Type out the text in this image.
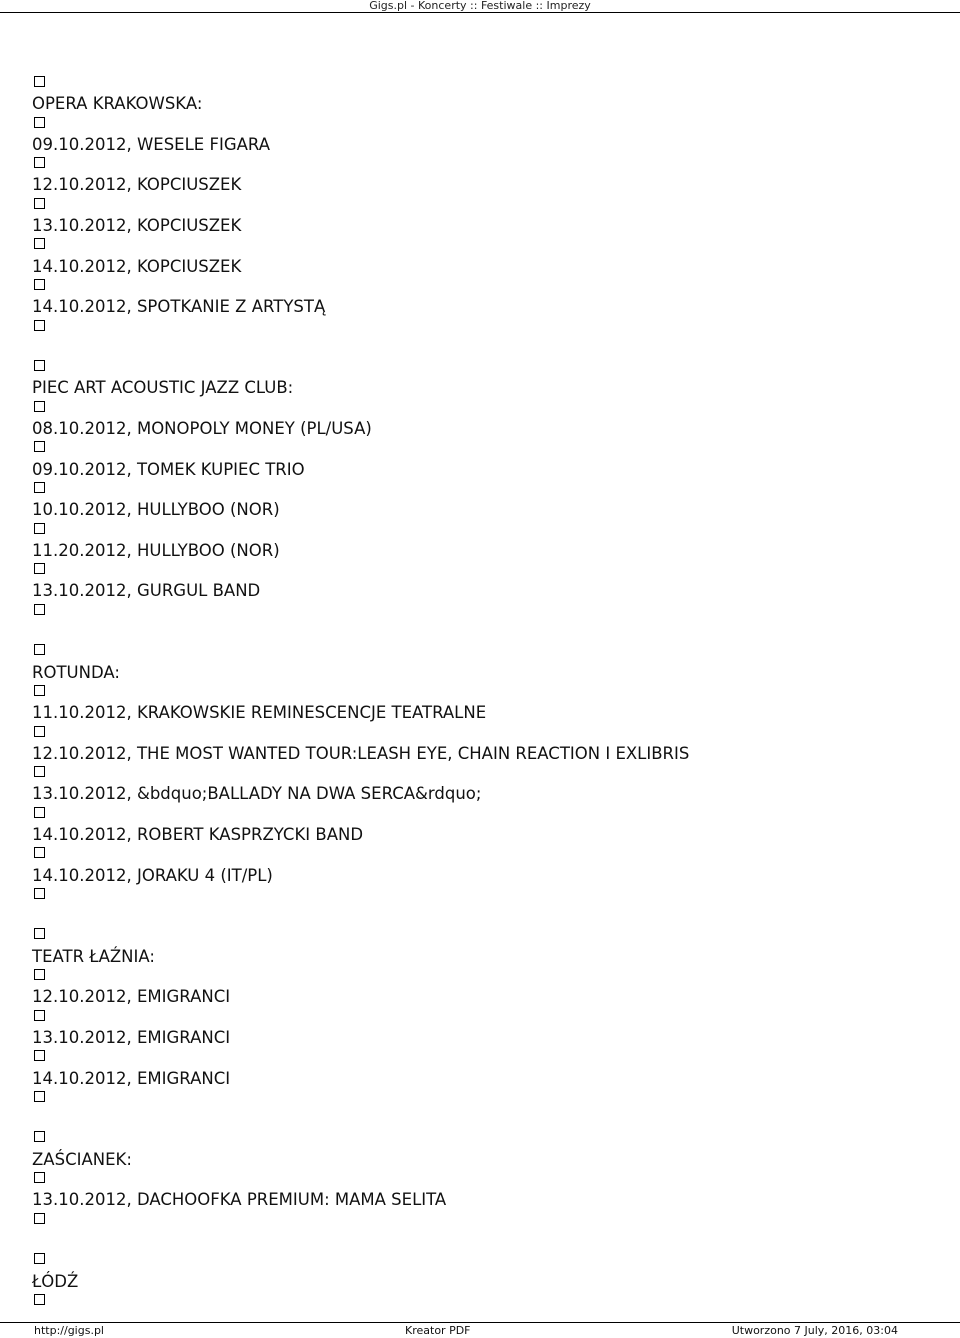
Gigs.pl - Koncerty :: Festiwale :: Imprezy
OPERA KRAKOWSKA:
09.10.2012, WESELE FIGARA
12.10.2012, KOPCIUSZEK
13.10.2012, KOPCIUSZEK
14.10.2012, KOPCIUSZEK
14.10.2012, SPOTKANIE Z ARTYSTĄ
PIEC ART ACOUSTIC JAZZ CLUB:
08.10.2012, MONOPOLY MONEY (PL/USA)
09.10.2012, TOMEK KUPIEC TRIO
10.10.2012, HULLYBOO (NOR)
11.20.2012, HULLYBOO (NOR)
13.10.2012, GURGUL BAND
ROTUNDA:
11.10.2012, KRAKOWSKIE REMINESCENCJE TEATRALNE
12.10.2012, THE MOST WANTED TOUR:LEASH EYE, CHAIN REACTION I EXLIBRIS
13.10.2012, &bdquo;BALLADY NA DWA SERCA&rdquo;
14.10.2012, ROBERT KASPRZYCKI BAND
14.10.2012, JORAKU 4 (IT/PL)
TEATR ŁAŹNIA:
12.10.2012, EMIGRANCI
13.10.2012, EMIGRANCI
14.10.2012, EMIGRANCI
ZAŚCIANEK:
13.10.2012, DACHOOFKA PREMIUM: MAMA SELITA
ŁÓDŹ
http://gigs.pl	Kreator PDF	Utworzono 7 July, 2016, 03:04
